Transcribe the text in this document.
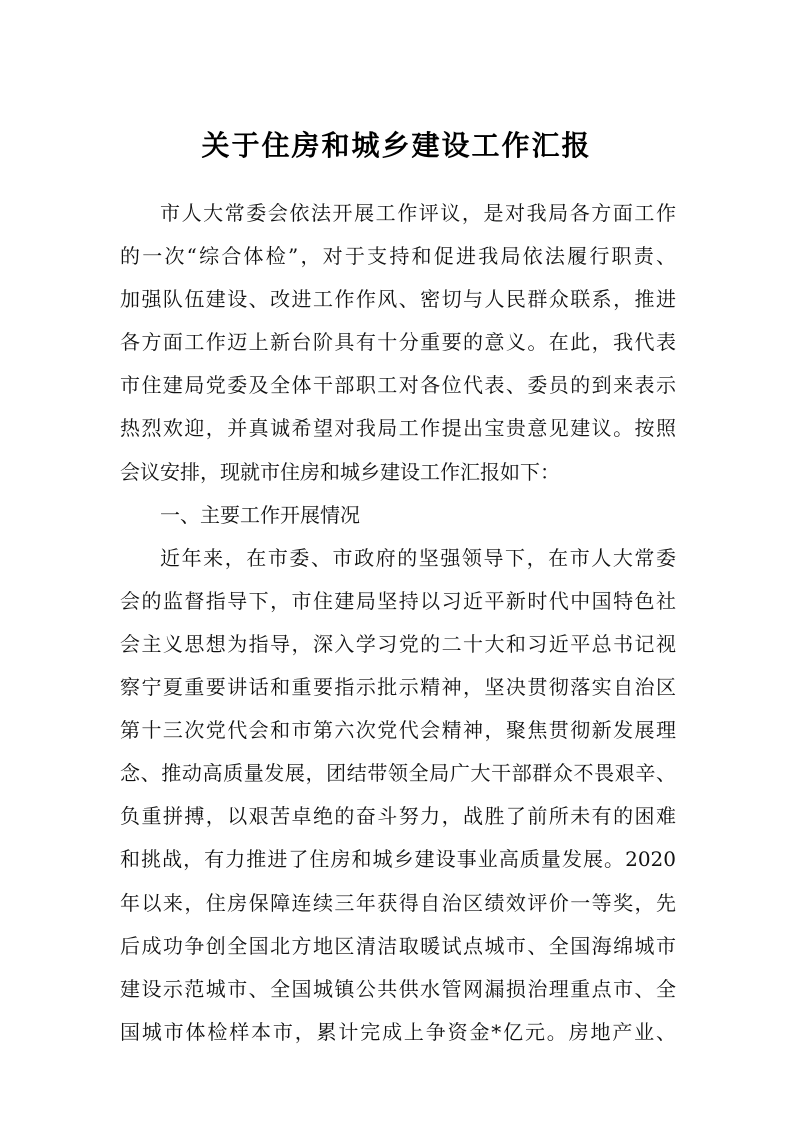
关于住房和城乡建设工作汇报
市人大常委会依法开展工作评议，是对我局各方面工作
的一次“综合体检”，对于支持和促进我局依法履行职责、
加强队伍建设、改进工作作风、密切与人民群众联系，推进
各方面工作迈上新台阶具有十分重要的意义。在此，我代表
市住建局党委及全体干部职工对各位代表、委员的到来表示
热烈欢迎，并真诚希望对我局工作提出宝贵意见建议。按照
会议安排，现就市住房和城乡建设工作汇报如下：
一、主要工作开展情况
近年来，在市委、市政府的坚强领导下，在市人大常委
会的监督指导下，市住建局坚持以习近平新时代中国特色社
会主义思想为指导，深入学习党的二十大和习近平总书记视
察宁夏重要讲话和重要指示批示精神，坚决贯彻落实自治区
第十三次党代会和市第六次党代会精神，聚焦贯彻新发展理
念、推动高质量发展，团结带领全局广大干部群众不畏艰辛、
负重拼搏，以艰苦卓绝的奋斗努力，战胜了前所未有的困难
和挑战，有力推进了住房和城乡建设事业高质量发展。2020
年以来，住房保障连续三年获得自治区绩效评价一等奖，先
后成功争创全国北方地区清洁取暖试点城市、全国海绵城市
建设示范城市、全国城镇公共供水管网漏损治理重点市、全
国城市体检样本市，累计完成上争资金*亿元。房地产业、
